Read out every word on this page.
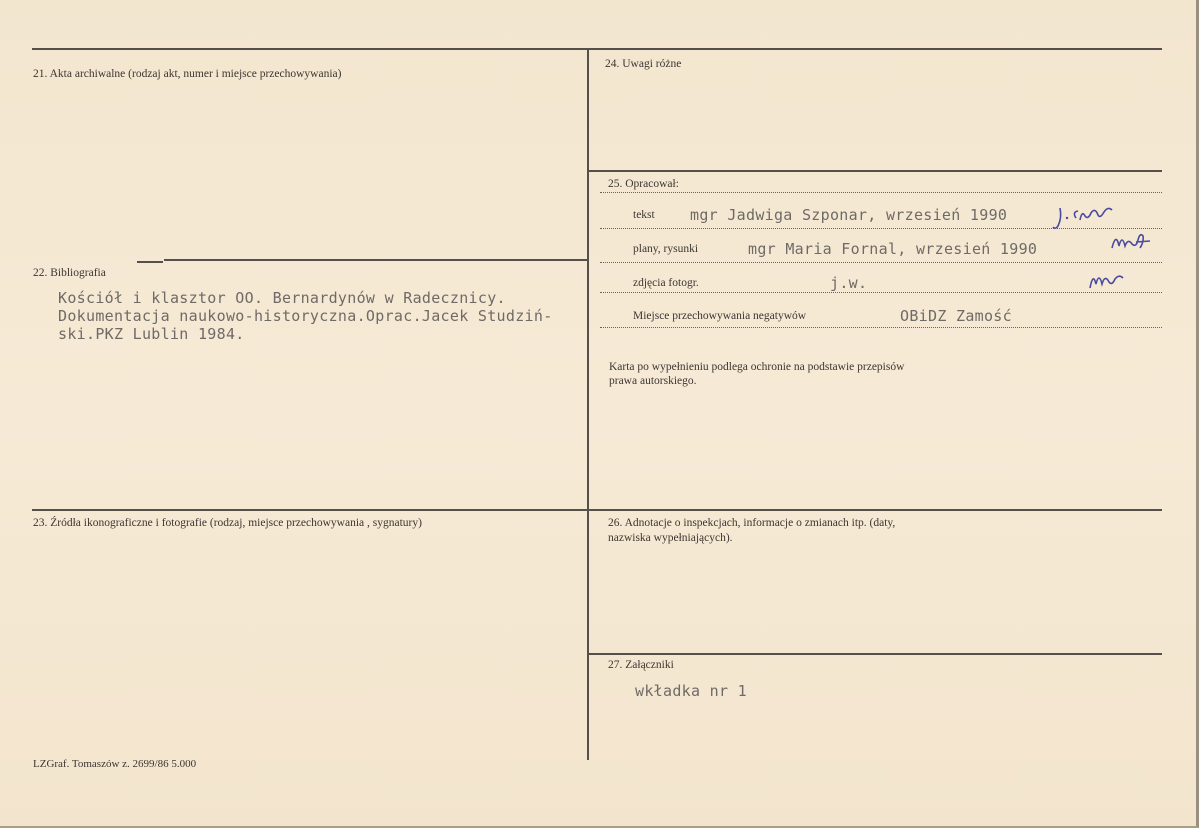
21. Akta archiwalne (rodzaj akt, numer i miejsce przechowywania)
22. Bibliografia
Kościół i klasztor OO. Bernardynów w Radecznicy.
Dokumentacja naukowo-historyczna.Oprac.Jacek Studziń-
ski.PKZ Lublin 1984.
23. Źródła ikonograficzne i fotografie (rodzaj, miejsce przechowywania , sygnatury)
24. Uwagi różne
25. Opracował:
tekst mgr Jadwiga Szponar, wrzesień 1990
plany, rysunki	mgr Maria Fornal, wrzesień 1990
zdjęcia fotogr.	j.w.
Miejsce przechowywania negatywów	OBiDZ Zamość
Karta po wypełnieniu podlega ochronie na podstawie przepisów
prawa autorskiego.
26. Adnotacje o inspekcjach, informacje o zmianach itp. (daty,
nazwiska wypełniających).
27. Załączniki
wkładka nr 1
LZGraf. Tomaszów z. 2699/86 5.000
